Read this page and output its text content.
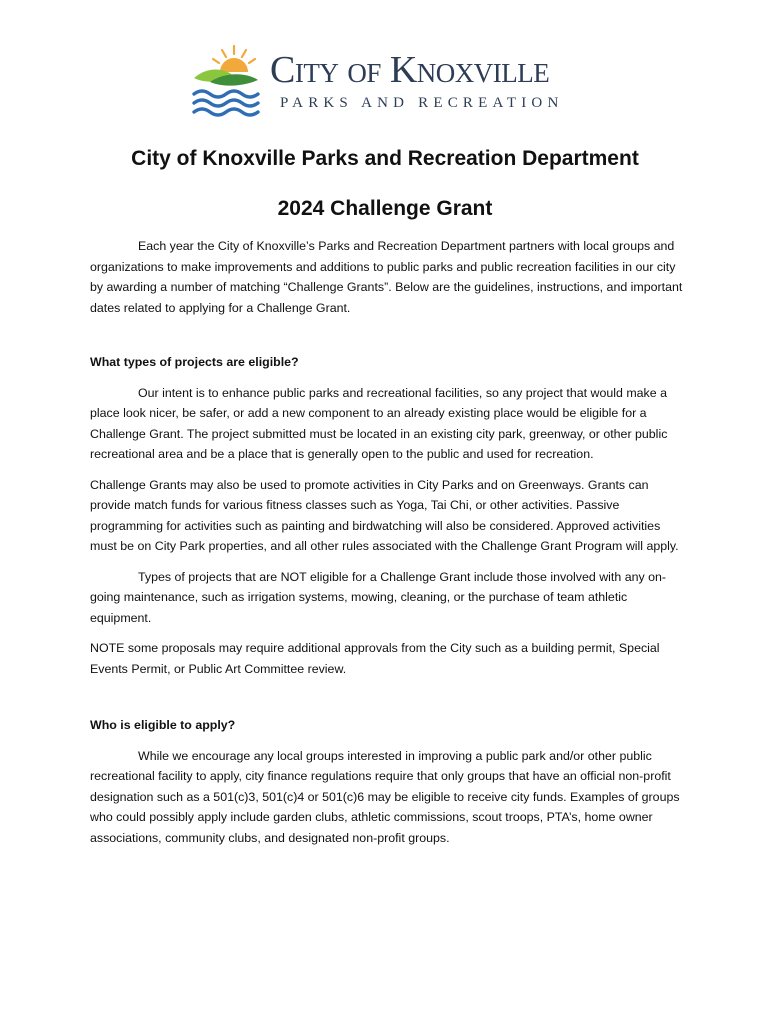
City of Knoxville
PARKS AND RECREATION
City of Knoxville Parks and Recreation Department
2024 Challenge Grant

Each year the City of Knoxville’s Parks and Recreation Department partners with local groups and organizations to make improvements and additions to public parks and public recreation facilities in our city by awarding a number of matching “Challenge Grants”. Below are the guidelines, instructions, and important dates related to applying for a Challenge Grant.

What types of projects are eligible?

Our intent is to enhance public parks and recreational facilities, so any project that would make a place look nicer, be safer, or add a new component to an already existing place would be eligible for a Challenge Grant. The project submitted must be located in an existing city park, greenway, or other public recreational area and be a place that is generally open to the public and used for recreation.

Challenge Grants may also be used to promote activities in City Parks and on Greenways. Grants can provide match funds for various fitness classes such as Yoga, Tai Chi, or other activities. Passive programming for activities such as painting and birdwatching will also be considered. Approved activities must be on City Park properties, and all other rules associated with the Challenge Grant Program will apply.

Types of projects that are NOT eligible for a Challenge Grant include those involved with any on-going maintenance, such as irrigation systems, mowing, cleaning, or the purchase of team athletic equipment.

NOTE some proposals may require additional approvals from the City such as a building permit, Special Events Permit, or Public Art Committee review.

Who is eligible to apply?

While we encourage any local groups interested in improving a public park and/or other public recreational facility to apply, city finance regulations require that only groups that have an official non-profit designation such as a 501(c)3, 501(c)4 or 501(c)6 may be eligible to receive city funds. Examples of groups who could possibly apply include garden clubs, athletic commissions, scout troops, PTA’s, home owner associations, community clubs, and designated non-profit groups.
